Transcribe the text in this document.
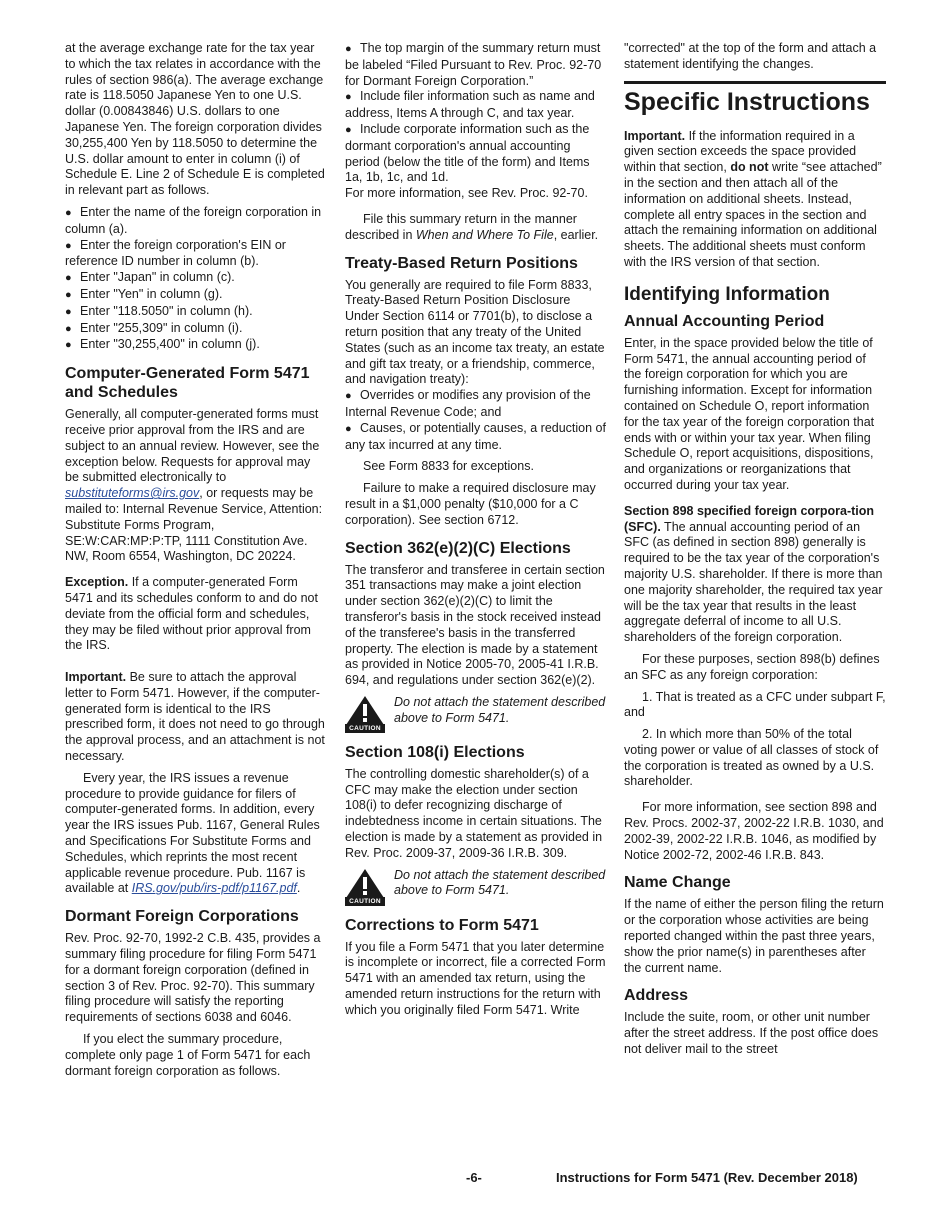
at the average exchange rate for the tax year to which the tax relates in accordance with the rules of section 986(a). The average exchange rate is 118.5050 Japanese Yen to one U.S. dollar (0.00843846) U.S. dollars to one Japanese Yen. The foreign corporation divides 30,255,400 Yen by 118.5050 to determine the U.S. dollar amount to enter in column (i) of Schedule E. Line 2 of Schedule E is completed in relevant part as follows.

● Enter the name of the foreign corporation in column (a).
● Enter the foreign corporation's EIN or reference ID number in column (b).
● Enter "Japan" in column (c).
● Enter "Yen" in column (g).
● Enter "118.5050" in column (h).
● Enter "255,309" in column (i).
● Enter "30,255,400" in column (j).
Computer-Generated Form 5471 and Schedules

Generally, all computer-generated forms must receive prior approval from the IRS and are subject to an annual review. However, see the exception below. Requests for approval may be submitted electronically to substituteforms@irs.gov, or requests may be mailed to: Internal Revenue Service, Attention: Substitute Forms Program, SE:W:CAR:MP:P:TP, 1111 Constitution Ave. NW, Room 6554, Washington, DC 20224.

Exception. If a computer-generated Form 5471 and its schedules conform to and do not deviate from the official form and schedules, they may be filed without prior approval from the IRS.

Important. Be sure to attach the approval letter to Form 5471. However, if the computer-generated form is identical to the IRS prescribed form, it does not need to go through the approval process, and an attachment is not necessary.

Every year, the IRS issues a revenue procedure to provide guidance for filers of computer-generated forms. In addition, every year the IRS issues Pub. 1167, General Rules and Specifications For Substitute Forms and Schedules, which reprints the most recent applicable revenue procedure. Pub. 1167 is available at IRS.gov/pub/irs-pdf/p1167.pdf.

Dormant Foreign Corporations

Rev. Proc. 92-70, 1992-2 C.B. 435, provides a summary filing procedure for filing Form 5471 for a dormant foreign corporation (defined in section 3 of Rev. Proc. 92-70). This summary filing procedure will satisfy the reporting requirements of sections 6038 and 6046.

If you elect the summary procedure, complete only page 1 of Form 5471 for each dormant foreign corporation as follows.

● The top margin of the summary return must be labeled “Filed Pursuant to Rev. Proc. 92-70 for Dormant Foreign Corporation.”
● Include filer information such as name and address, Items A through C, and tax year.
● Include corporate information such as the dormant corporation's annual accounting period (below the title of the form) and Items 1a, 1b, 1c, and 1d.

For more information, see Rev. Proc. 92-70.

File this summary return in the manner described in When and Where To File, earlier.

Treaty-Based Return Positions

You generally are required to file Form 8833, Treaty-Based Return Position Disclosure Under Section 6114 or 7701(b), to disclose a return position that any treaty of the United States (such as an income tax treaty, an estate and gift tax treaty, or a friendship, commerce, and navigation treaty):

● Overrides or modifies any provision of the Internal Revenue Code; and
● Causes, or potentially causes, a reduction of any tax incurred at any time.

See Form 8833 for exceptions.

Failure to make a required disclosure may result in a $1,000 penalty ($10,000 for a C corporation). See section 6712.

Section 362(e)(2)(C) Elections

The transferor and transferee in certain section 351 transactions may make a joint election under section 362(e)(2)(C) to limit the transferor's basis in the stock received instead of the transferee's basis in the transferred property. The election is made by a statement as provided in Notice 2005-70, 2005-41 I.R.B. 694, and regulations under section 362(e)(2).

CAUTION
Do not attach the statement described above to Form 5471.
Section 108(i) Elections

The controlling domestic shareholder(s) of a CFC may make the election under section 108(i) to defer recognizing discharge of indebtedness income in certain situations. The election is made by a statement as provided in Rev. Proc. 2009-37, 2009-36 I.R.B. 309.

CAUTION
Do not attach the statement described above to Form 5471.
Corrections to Form 5471

If you file a Form 5471 that you later determine is incomplete or incorrect, file a corrected Form 5471 with an amended tax return, using the amended return instructions for the return with which you originally filed Form 5471. Write

"corrected" at the top of the form and attach a statement identifying the changes.

Specific Instructions

Important. If the information required in a given section exceeds the space provided within that section, do not write “see attached” in the section and then attach all of the information on additional sheets. Instead, complete all entry spaces in the section and attach the remaining information on additional sheets. The additional sheets must conform with the IRS version of that section.

Identifying Information
Annual Accounting Period

Enter, in the space provided below the title of Form 5471, the annual accounting period of the foreign corporation for which you are furnishing information. Except for information contained on Schedule O, report information for the tax year of the foreign corporation that ends with or within your tax year. When filing Schedule O, report acquisitions, dispositions, and organizations or reorganizations that occurred during your tax year.

Section 898 specified foreign corpora-tion (SFC). The annual accounting period of an SFC (as defined in section 898) generally is required to be the tax year of the corporation's majority U.S. shareholder. If there is more than one majority shareholder, the required tax year will be the tax year that results in the least aggregate deferral of income to all U.S. shareholders of the foreign corporation.

For these purposes, section 898(b) defines an SFC as any foreign corporation:

1. That is treated as a CFC under subpart F, and

2. In which more than 50% of the total voting power or value of all classes of stock of the corporation is treated as owned by a U.S. shareholder.

For more information, see section 898 and Rev. Procs. 2002-37, 2002-22 I.R.B. 1030, and 2002-39, 2002-22 I.R.B. 1046, as modified by Notice 2002-72, 2002-46 I.R.B. 843.

Name Change

If the name of either the person filing the return or the corporation whose activities are being reported changed within the past three years, show the prior name(s) in parentheses after the current name.

Address

Include the suite, room, or other unit number after the street address. If the post office does not deliver mail to the street

-6-	Instructions for Form 5471 (Rev. December 2018)
